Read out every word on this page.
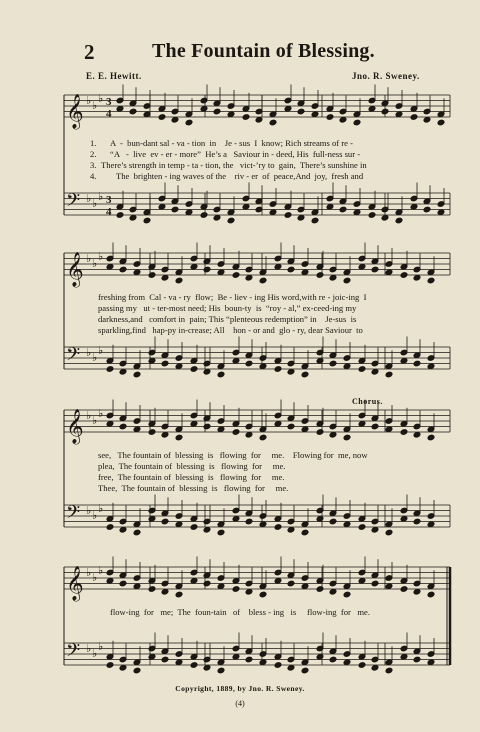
2	The Fountain of Blessing.
E. E. Hewitt.	Jno. R. Sweney.
𝄞 ♭ ♭
♭ 3
4
𝄢 ♭ ♭
♭ 3
4
𝄞 ♭ ♭
♭
𝄢 ♭ ♭
♭
𝄞 ♭ ♭
♭
𝄢 ♭ ♭
♭
𝄞 ♭ ♭
♭
𝄢 ♭ ♭
♭
1.
2.
3.
4.
A  -  bun-dant sal - va - tion  in    Je - sus  I  know; Rich streams of re -
“A   -  live  ev - er - more”  He’s a   Saviour in - deed, His  full-ness sur -
There’s strength in temp - ta - tion, the   vict-’ry to  gain,  There’s sunshine in
The  brighten - ing waves of the    riv - er  of  peace,And  joy,  fresh and
freshing from  Cal - va - ry  flow;  Be - liev - ing His word,with re - joic-ing  I
passing my   ut - ter-most need; His  boun-ty  is  “roy - al,” ex-ceed-ing my
darkness,and   comfort in  pain; This “plenteous redemption” in    Je-sus  is
sparkling,find   hap-py in-crease; All    hon - or and  glo - ry, dear Saviour  to
Chorus.
see,   The fountain of  blessing  is   flowing  for     me.    Flowing for  me, now
plea,  The fountain of  blessing  is   flowing  for     me.
free,  The fountain of  blessing  is   flowing  for     me.
Thee,  The fountain of  blessing  is   flowing  for     me.
flow-ing  for   me;  The  foun-tain   of    bless - ing   is     flow-ing  for   me.
Copyright, 1889, by Jno. R. Sweney.
(4)
